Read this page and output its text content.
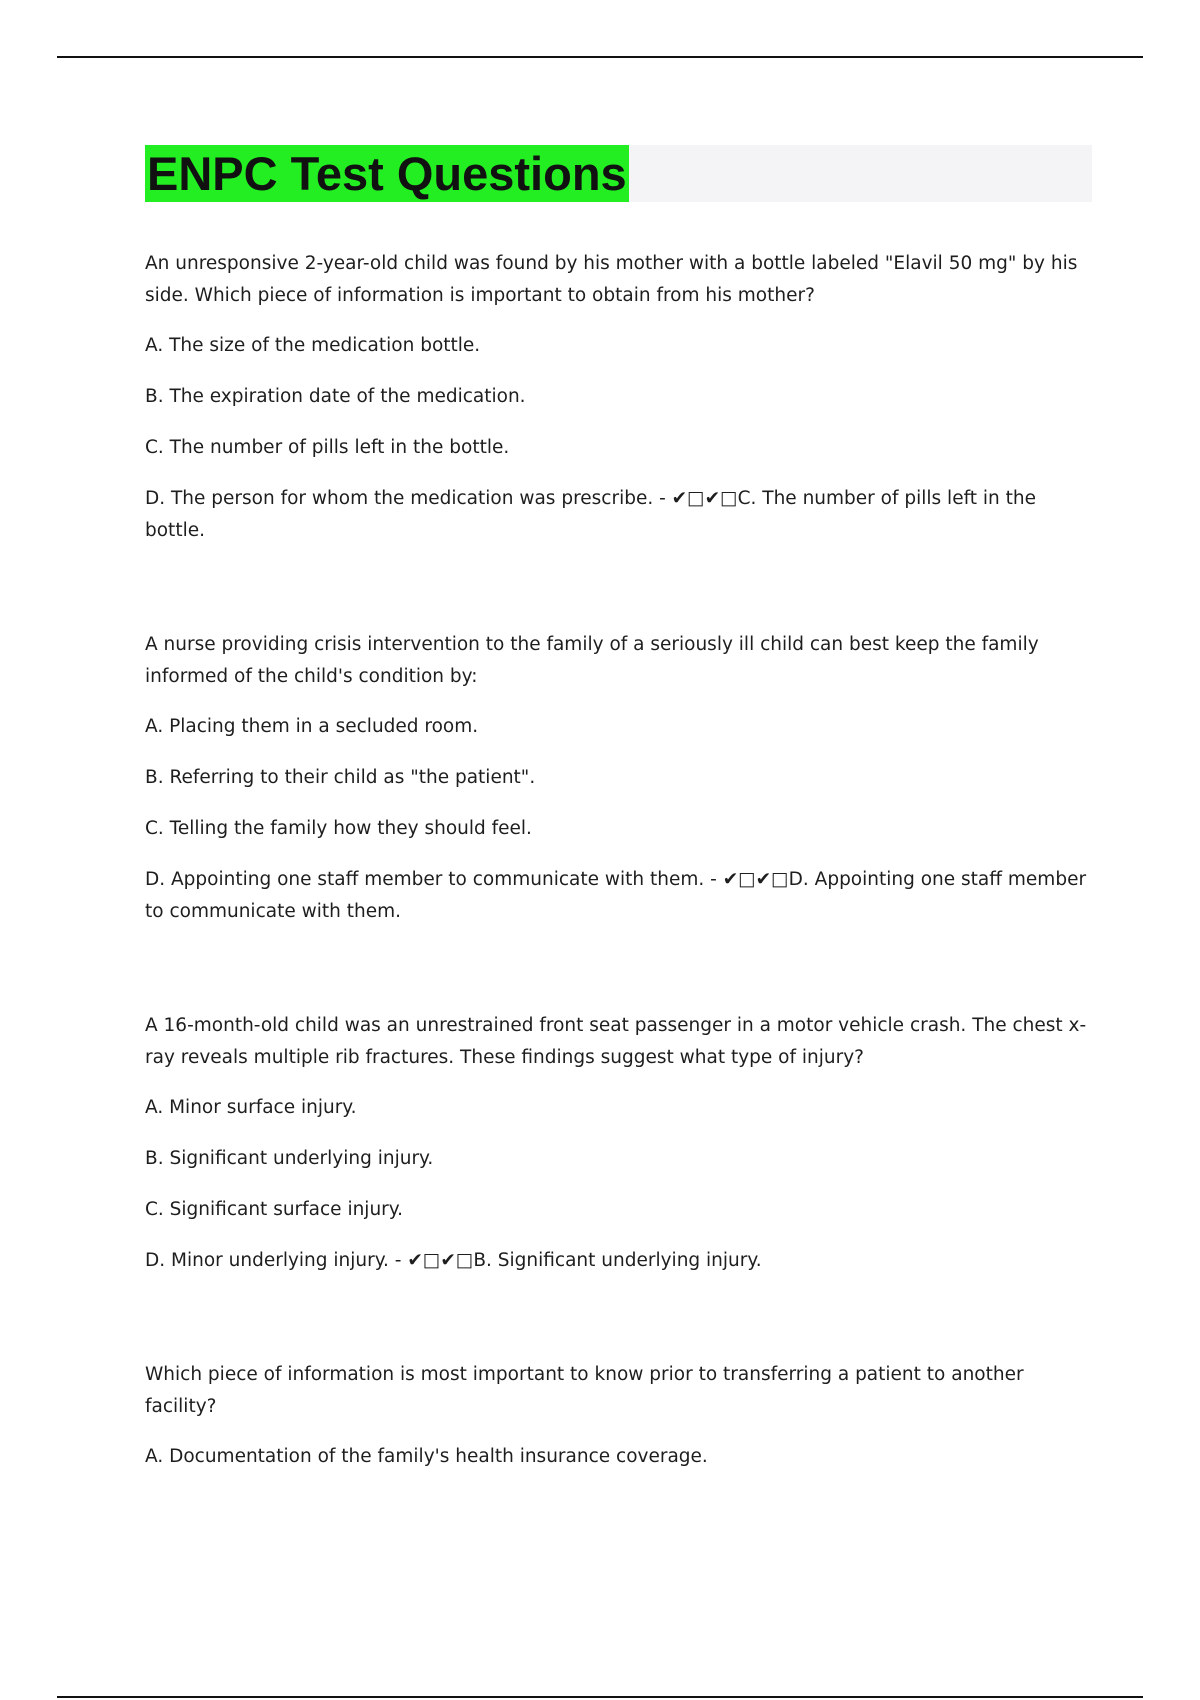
ENPC Test Questions
An unresponsive 2-year-old child was found by his mother with a bottle labeled "Elavil 50 mg" by his side. Which piece of information is important to obtain from his mother?
A. The size of the medication bottle.
B. The expiration date of the medication.
C. The number of pills left in the bottle.
D. The person for whom the medication was prescribe. - ✔□✔□C. The number of pills left in the bottle.
A nurse providing crisis intervention to the family of a seriously ill child can best keep the family informed of the child's condition by:
A. Placing them in a secluded room.
B. Referring to their child as "the patient".
C. Telling the family how they should feel.
D. Appointing one staff member to communicate with them. - ✔□✔□D. Appointing one staff member to communicate with them.
A 16-month-old child was an unrestrained front seat passenger in a motor vehicle crash. The chest x-ray reveals multiple rib fractures. These findings suggest what type of injury?
A. Minor surface injury.
B. Significant underlying injury.
C. Significant surface injury.
D. Minor underlying injury. - ✔□✔□B. Significant underlying injury.
Which piece of information is most important to know prior to transferring a patient to another facility?
A. Documentation of the family's health insurance coverage.
